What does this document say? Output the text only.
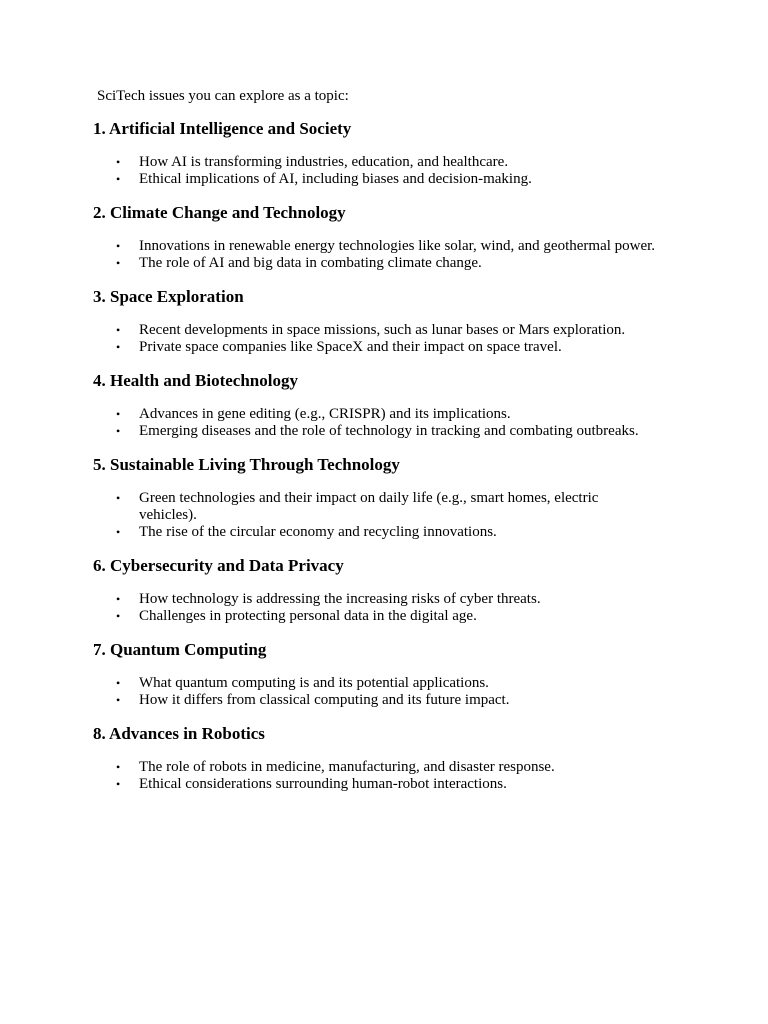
SciTech issues you can explore as a topic:
1. Artificial Intelligence and Society
•	How AI is transforming industries, education, and healthcare.
•	Ethical implications of AI, including biases and decision-making.
2. Climate Change and Technology
•	Innovations in renewable energy technologies like solar, wind, and geothermal power.
•	The role of AI and big data in combating climate change.
3. Space Exploration
•	Recent developments in space missions, such as lunar bases or Mars exploration.
•	Private space companies like SpaceX and their impact on space travel.
4. Health and Biotechnology
•	Advances in gene editing (e.g., CRISPR) and its implications.
•	Emerging diseases and the role of technology in tracking and combating outbreaks.
5. Sustainable Living Through Technology
•	Green technologies and their impact on daily life (e.g., smart homes, electric vehicles).
•	The rise of the circular economy and recycling innovations.
6. Cybersecurity and Data Privacy
•	How technology is addressing the increasing risks of cyber threats.
•	Challenges in protecting personal data in the digital age.
7. Quantum Computing
•	What quantum computing is and its potential applications.
•	How it differs from classical computing and its future impact.
8. Advances in Robotics
•	The role of robots in medicine, manufacturing, and disaster response.
•	Ethical considerations surrounding human-robot interactions.
